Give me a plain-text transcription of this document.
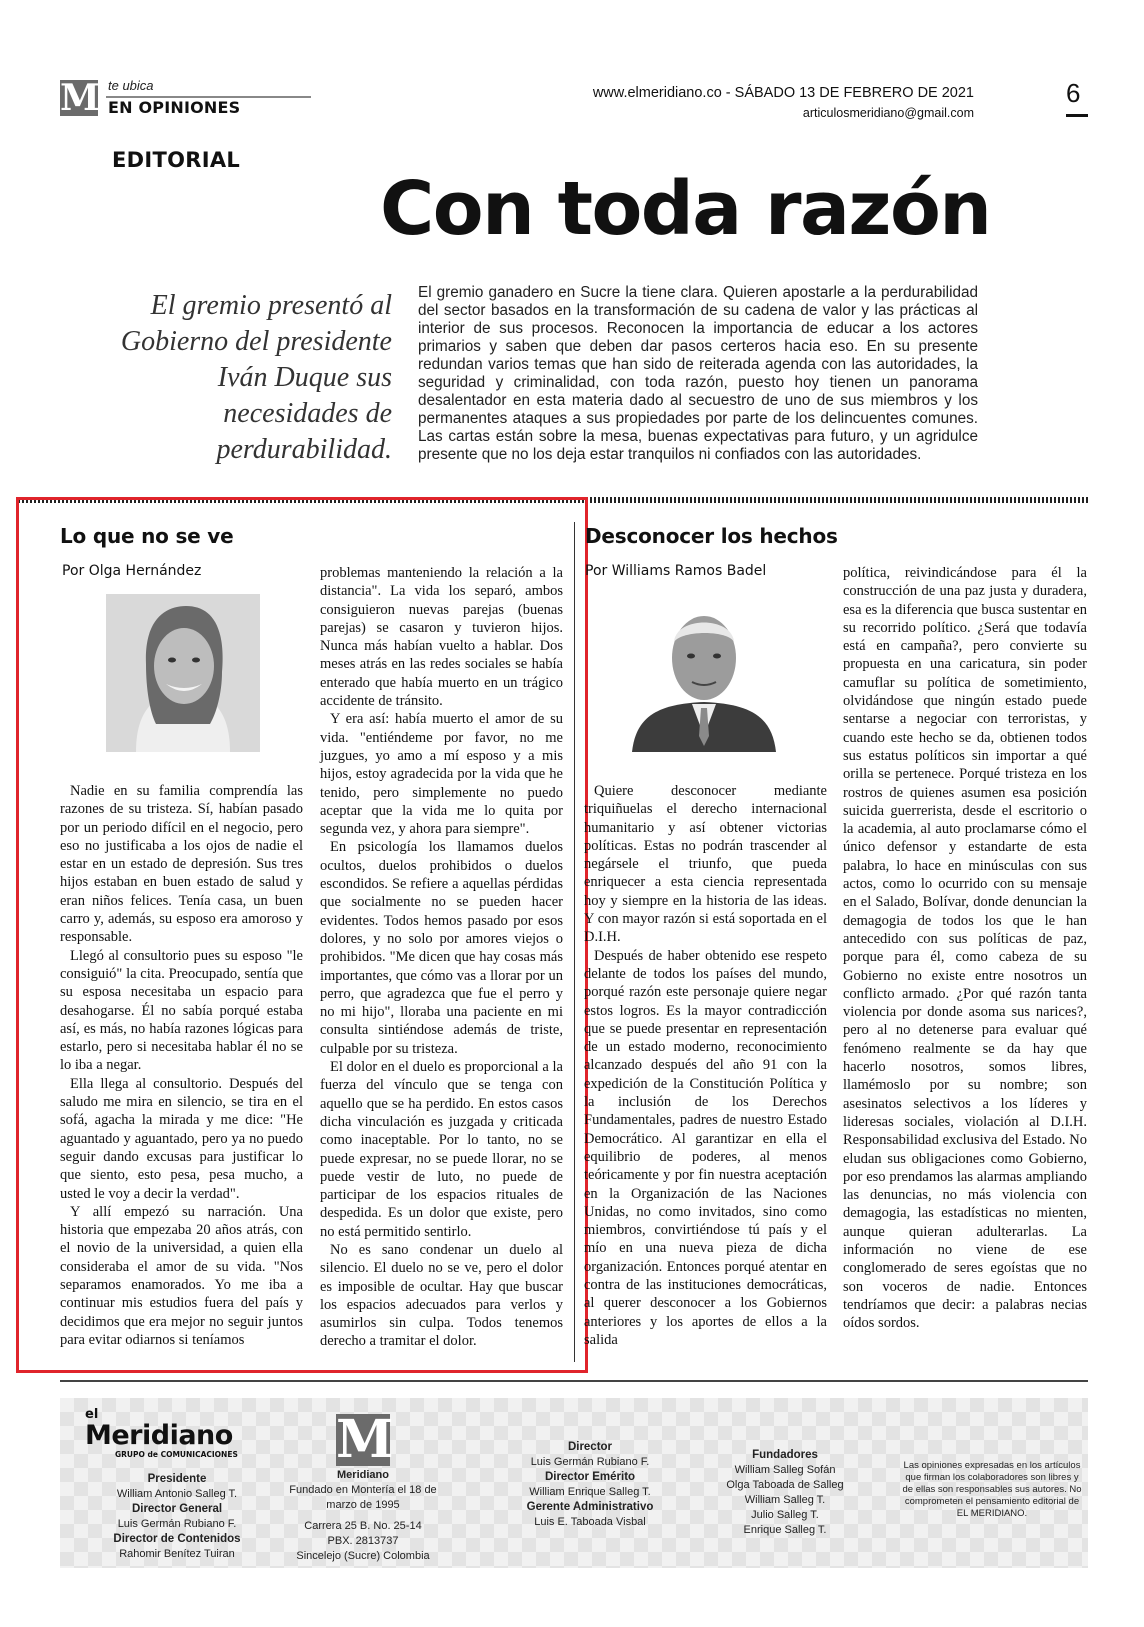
M te ubica
EN OPINIONES
www.elmeridiano.co - SÁBADO 13 DE FEBRERO DE 2021
articulosmeridiano@gmail.com
6
EDITORIAL
Con toda razón
El gremio presentó al Gobierno del presidente Iván Duque sus necesidades de perdurabilidad.
El gremio ganadero en Sucre la tiene clara. Quieren apostarle a la perdurabilidad del sector basados en la transformación de su cadena de valor y las prácticas al interior de sus procesos. Reconocen la importancia de educar a los actores primarios y saben que deben dar pasos certeros hacia eso. En su presente redundan varios temas que han sido de reiterada agenda con las autoridades, la seguridad y criminalidad, con toda razón, puesto hoy tienen un panorama desalentador en esta materia dado al secuestro de uno de sus miembros y los permanentes ataques a sus propiedades por parte de los delincuentes comunes. Las cartas están sobre la mesa, buenas expectativas para futuro, y un agridulce presente que no los deja estar tranquilos ni confiados con las autoridades.
Lo que no se ve
Por Olga Hernández

Nadie en su familia comprendía las razones de su tristeza. Sí, habían pasado por un periodo difícil en el negocio, pero eso no justificaba a los ojos de nadie el estar en un estado de depresión. Sus tres hijos estaban en buen estado de salud y eran niños felices. Tenía casa, un buen carro y, además, su esposo era amoroso y responsable.

Llegó al consultorio pues su esposo "le consiguió" la cita. Preocupado, sentía que su esposa necesitaba un espacio para desahogarse. Él no sabía porqué estaba así, es más, no había razones lógicas para estarlo, pero si necesitaba hablar él no se lo iba a negar.

Ella llega al consultorio. Después del saludo me mira en silencio, se tira en el sofá, agacha la mirada y me dice: "He aguantado y aguantado, pero ya no puedo seguir dando excusas para justificar lo que siento, esto pesa, pesa mucho, a usted le voy a decir la verdad".

Y allí empezó su narración. Una historia que empezaba 20 años atrás, con el novio de la universidad, a quien ella consideraba el amor de su vida. "Nos separamos enamorados. Yo me iba a continuar mis estudios fuera del país y decidimos que era mejor no seguir juntos para evitar odiarnos si teníamos

problemas manteniendo la relación a la distancia". La vida los separó, ambos consiguieron nuevas parejas (buenas parejas) se casaron y tuvieron hijos. Nunca más habían vuelto a hablar. Dos meses atrás en las redes sociales se había enterado que había muerto en un trágico accidente de tránsito.

Y era así: había muerto el amor de su vida. "entiéndeme por favor, no me juzgues, yo amo a mí esposo y a mis hijos, estoy agradecida por la vida que he tenido, pero simplemente no puedo aceptar que la vida me lo quita por segunda vez, y ahora para siempre".

En psicología los llamamos duelos ocultos, duelos prohibidos o duelos escondidos. Se refiere a aquellas pérdidas que socialmente no se pueden hacer evidentes. Todos hemos pasado por esos dolores, y no solo por amores viejos o prohibidos. "Me dicen que hay cosas más importantes, que cómo vas a llorar por un perro, que agradezca que fue el perro y no mi hijo", lloraba una paciente en mi consulta sintiéndose además de triste, culpable por su tristeza.

El dolor en el duelo es proporcional a la fuerza del vínculo que se tenga con aquello que se ha perdido. En estos casos dicha vinculación es juzgada y criticada como inaceptable. Por lo tanto, no se puede expresar, no se puede llorar, no se puede vestir de luto, no puede de participar de los espacios rituales de despedida. Es un dolor que existe, pero no está permitido sentirlo.

No es sano condenar un duelo al silencio. El duelo no se ve, pero el dolor es imposible de ocultar. Hay que buscar los espacios adecuados para verlos y asumirlos sin culpa. Todos tenemos derecho a tramitar el dolor.

Desconocer los hechos
Por Williams Ramos Badel

Quiere desconocer mediante triquiñuelas el derecho internacional humanitario y así obtener victorias políticas. Estas no podrán trascender al negársele el triunfo, que pueda enriquecer a esta ciencia representada hoy y siempre en la historia de las ideas. Y con mayor razón si está soportada en el D.I.H.

Después de haber obtenido ese respeto delante de todos los países del mundo, porqué razón este personaje quiere negar estos logros. Es la mayor contradicción que se puede presentar en representación de un estado moderno, reconocimiento alcanzado después del año 91 con la expedición de la Constitución Política y la inclusión de los Derechos Fundamentales, padres de nuestro Estado Democrático. Al garantizar en ella el equilibrio de poderes, al menos teóricamente y por fin nuestra aceptación en la Organización de las Naciones Unidas, no como invitados, sino como miembros, convirtiéndose tú país y el mío en una nueva pieza de dicha organización. Entonces porqué atentar en contra de las instituciones democráticas, al querer desconocer a los Gobiernos anteriores y los aportes de ellos a la salida

política, reivindicándose para él la construcción de una paz justa y duradera, esa es la diferencia que busca sustentar en su recorrido político. ¿Será que todavía está en campaña?, pero convierte su propuesta en una caricatura, sin poder camuflar su política de sometimiento, olvidándose que ningún estado puede sentarse a negociar con terroristas, y cuando este hecho se da, obtienen todos sus estatus políticos sin importar a qué orilla se pertenece. Porqué tristeza en los rostros de quienes asumen esa posición suicida guerrerista, desde el escritorio o la academia, al auto proclamarse cómo el único defensor y estandarte de esta palabra, lo hace en minúsculas con sus actos, como lo ocurrido con su mensaje en el Salado, Bolívar, donde denuncian la demagogia de todos los que le han antecedido con sus políticas de paz, porque para él, como cabeza de su Gobierno no existe entre nosotros un conflicto armado. ¿Por qué razón tanta violencia por donde asoma sus narices?, pero al no detenerse para evaluar qué fenómeno realmente se da hay que hacerlo nosotros, somos libres, llamémoslo por su nombre; son asesinatos selectivos a los líderes y lideresas sociales, violación al D.I.H. Responsabilidad exclusiva del Estado. No eludan sus obligaciones como Gobierno, por eso prendamos las alarmas ampliando las denuncias, no más violencia con demagogia, las estadísticas no mienten, aunque quieran adulterarlas. La información no viene de ese conglomerado de seres egoístas que no son voceros de nadie. Entonces tendríamos que decir: a palabras necias oídos sordos.

el
Meridiano
GRUPO de COMUNICACIONES
Presidente
William Antonio Salleg T.
Director General
Luis Germán Rubiano F.
Director de Contenidos
Rahomir Benítez Tuiran
M
Meridiano
Fundado en Montería el 18 de marzo de 1995
Carrera 25 B. No. 25-14
PBX. 2813737
Sincelejo (Sucre) Colombia
Director
Luis Germán Rubiano F.
Director Emérito
William Enrique Salleg T.
Gerente Administrativo
Luis E. Taboada Visbal
Fundadores
William Salleg Sofán
Olga Taboada de Salleg
William Salleg T.
Julio Salleg T.
Enrique Salleg T.
Las opiniones expresadas en los artículos que firman los colaboradores son libres y de ellas son responsables sus autores. No comprometen el pensamiento editorial de EL MERIDIANO.
